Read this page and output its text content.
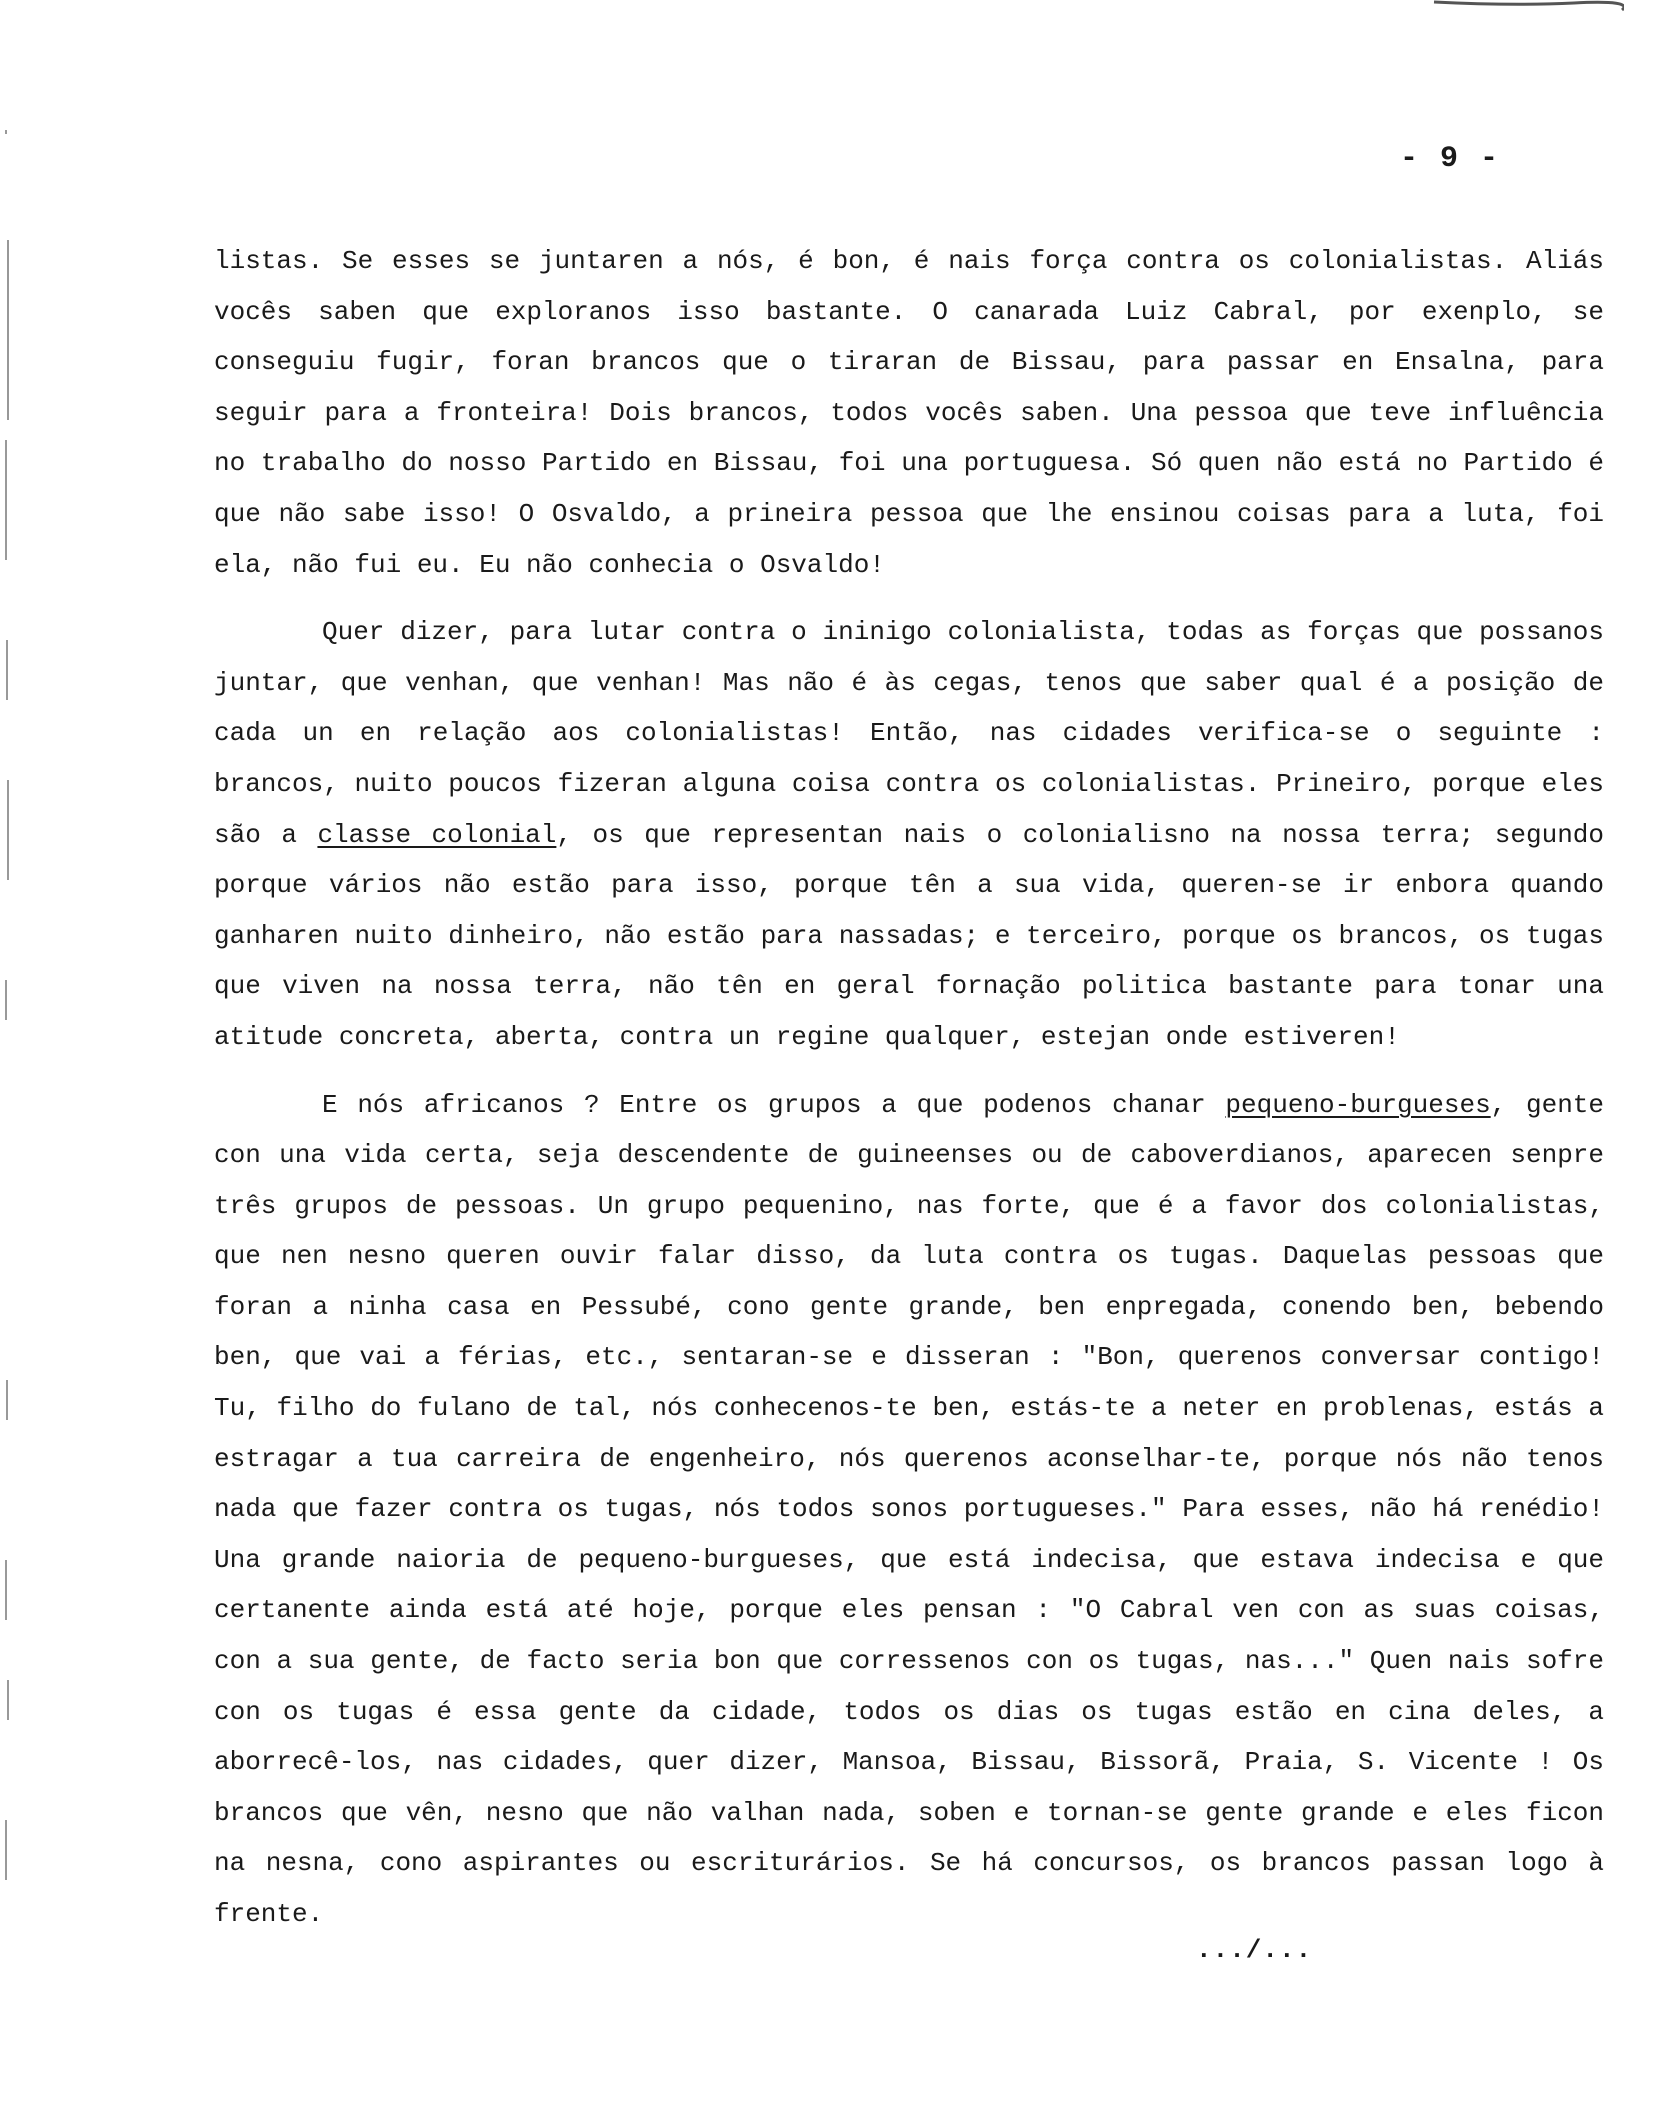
- 9 -

listas. Se esses se juntaren a nós, é bon, é nais força contra os colonialistas. Aliás vocês saben que exploranos isso bastante. O canarada Luiz Cabral, por exenplo, se conseguiu fugir, foran brancos que o tiraran de Bissau, para passar en Ensalna, para seguir para a fronteira! Dois brancos, todos vocês saben. Una pessoa que teve influência no trabalho do nosso Partido en Bissau, foi una portuguesa. Só quen não está no Partido é que não sabe isso! O Osvaldo, a prineira pessoa que lhe ensinou coisas para a luta, foi ela, não fui eu. Eu não conhecia o Osvaldo!

Quer dizer, para lutar contra o ininigo colonialista, todas as forças que possanos juntar, que venhan, que venhan! Mas não é às cegas, tenos que saber qual é a posição de cada un en relação aos colonialistas! Então, nas cidades verifica-se o seguinte : brancos, nuito poucos fizeran alguna coisa contra os colonialistas. Prineiro, porque eles são a classe colonial, os que representan nais o colonialisno na nossa terra; segundo porque vários não estão para isso, porque tên a sua vida, queren-se ir enbora quando ganharen nuito dinheiro, não estão para nassadas; e terceiro, porque os brancos, os tugas que viven na nossa terra, não tên en geral fornação politica bastante para tonar una atitude concreta, aberta, contra un regine qualquer, estejan onde estiveren!

E nós africanos ? Entre os grupos a que podenos chanar pequeno-burgueses, gente con una vida certa, seja descendente de guineenses ou de caboverdianos, aparecen senpre três grupos de pessoas. Un grupo pequenino, nas forte, que é a favor dos colonialistas, que nen nesno queren ouvir falar disso, da luta contra os tugas. Daquelas pessoas que foran a ninha casa en Pessubé, cono gente grande, ben enpregada, conendo ben, bebendo ben, que vai a férias, etc., sentaran-se e disseran : "Bon, querenos conversar contigo! Tu, filho do fulano de tal, nós conhecenos-te ben, estás-te a neter en problenas, estás a estragar a tua carreira de engenheiro, nós querenos aconselhar-te, porque nós não tenos nada que fazer contra os tugas, nós todos sonos portugueses." Para esses, não há renédio! Una grande naioria de pequeno-burgueses, que está indecisa, que estava indecisa e que certanente ainda está até hoje, porque eles pensan : "O Cabral ven con as suas coisas, con a sua gente, de facto seria bon que corressenos con os tugas, nas..." Quen nais sofre con os tugas é essa gente da cidade, todos os dias os tugas estão en cina deles, a aborrecê-los, nas cidades, quer dizer, Mansoa, Bissau, Bissorã, Praia, S. Vicente ! Os brancos que vên, nesno que não valhan nada, soben e tornan-se gente grande e eles ficon na nesna, cono aspirantes ou escriturários. Se há concursos, os brancos passan logo à frente.

.../...
